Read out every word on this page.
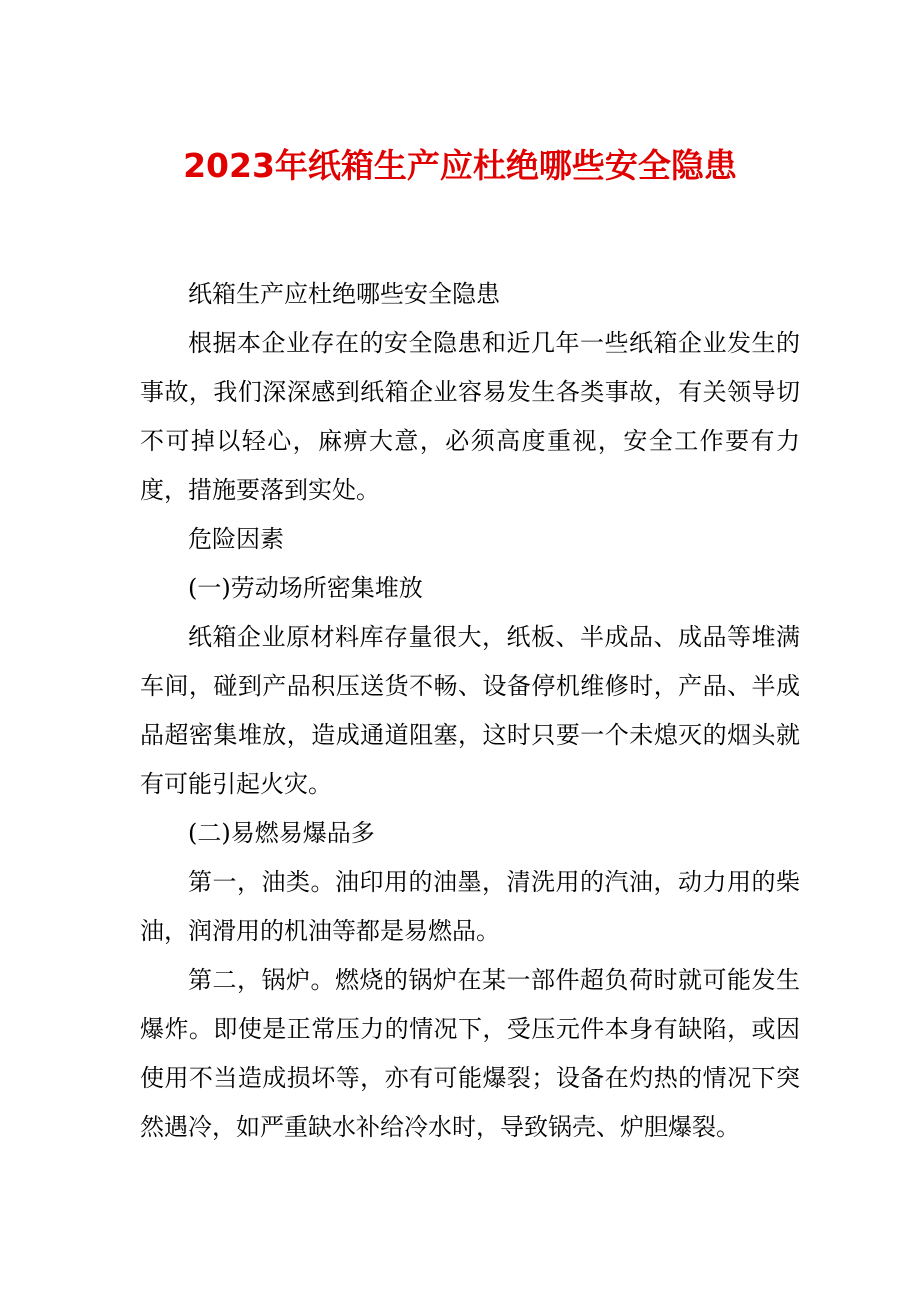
2023年纸箱生产应杜绝哪些安全隐患

纸箱生产应杜绝哪些安全隐患

根据本企业存在的安全隐患和近几年一些纸箱企业发生的事故，我们深深感到纸箱企业容易发生各类事故，有关领导切不可掉以轻心，麻痹大意，必须高度重视，安全工作要有力度，措施要落到实处。

危险因素

(一)劳动场所密集堆放

纸箱企业原材料库存量很大，纸板、半成品、成品等堆满车间，碰到产品积压送货不畅、设备停机维修时，产品、半成品超密集堆放，造成通道阻塞，这时只要一个未熄灭的烟头就有可能引起火灾。

(二)易燃易爆品多

第一，油类。油印用的油墨，清洗用的汽油，动力用的柴油，润滑用的机油等都是易燃品。

第二，锅炉。燃烧的锅炉在某一部件超负荷时就可能发生爆炸。即使是正常压力的情况下，受压元件本身有缺陷，或因使用不当造成损坏等，亦有可能爆裂；设备在灼热的情况下突然遇冷，如严重缺水补给冷水时，导致锅壳、炉胆爆裂。
